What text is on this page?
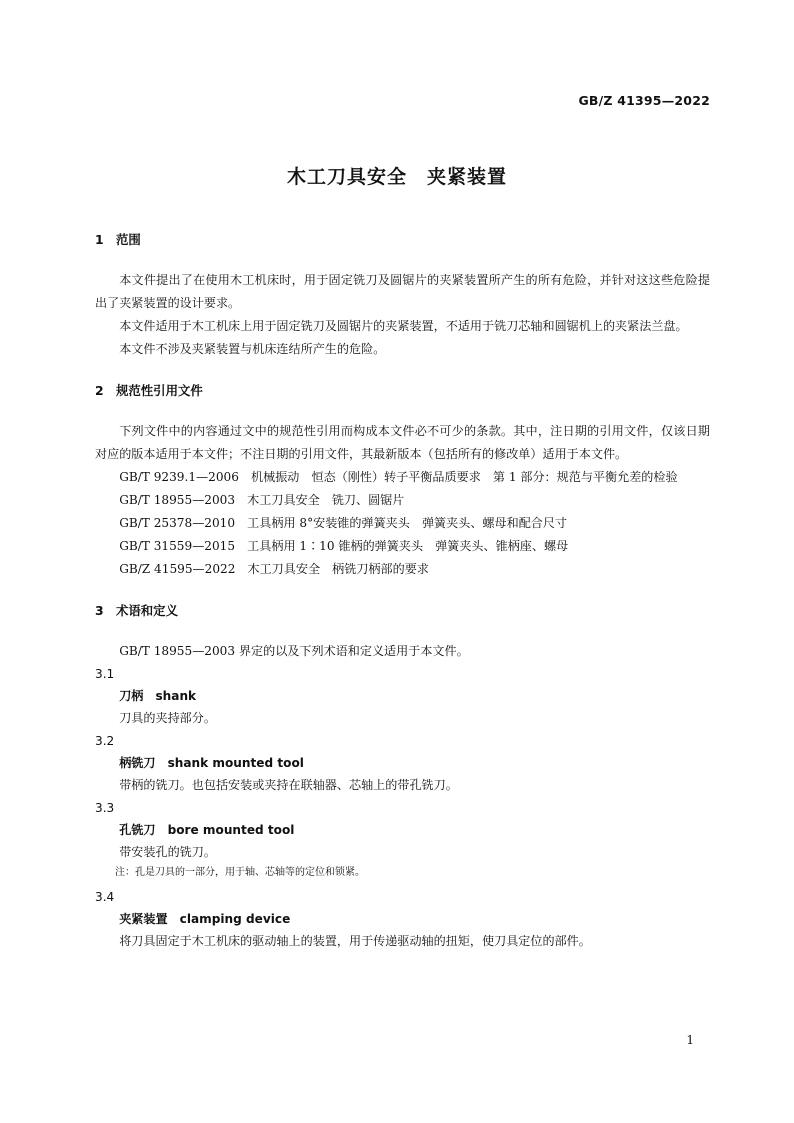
GB/Z 41395—2022
木工刀具安全　夹紧装置
1　范围

本文件提出了在使用木工机床时，用于固定铣刀及圆锯片的夹紧装置所产生的所有危险，并针对这这些危险提出了夹紧装置的设计要求。

本文件适用于木工机床上用于固定铣刀及圆锯片的夹紧装置，不适用于铣刀芯轴和圆锯机上的夹紧法兰盘。

本文件不涉及夹紧装置与机床连结所产生的危险。

2　规范性引用文件

下列文件中的内容通过文中的规范性引用而构成本文件必不可少的条款。其中，注日期的引用文件，仅该日期对应的版本适用于本文件；不注日期的引用文件，其最新版本（包括所有的修改单）适用于本文件。

GB/T 9239.1—2006　机械振动　恒态（刚性）转子平衡品质要求　第 1 部分：规范与平衡允差的检验

GB/T 18955—2003　木工刀具安全　铣刀、圆锯片

GB/T 25378—2010　工具柄用 8°安装锥的弹簧夹头　弹簧夹头、螺母和配合尺寸

GB/T 31559—2015　工具柄用 1∶10 锥柄的弹簧夹头　弹簧夹头、锥柄座、螺母

GB/Z 41595—2022　木工刀具安全　柄铣刀柄部的要求

3　术语和定义

GB/T 18955—2003 界定的以及下列术语和定义适用于本文件。

3.1

刀柄　shank

刀具的夹持部分。

3.2

柄铣刀　shank mounted tool

带柄的铣刀。也包括安装或夹持在联轴器、芯轴上的带孔铣刀。

3.3

孔铣刀　bore mounted tool

带安装孔的铣刀。

注：孔是刀具的一部分，用于轴、芯轴等的定位和锁紧。

3.4

夹紧装置　clamping device

将刀具固定于木工机床的驱动轴上的装置，用于传递驱动轴的扭矩，使刀具定位的部件。

1
